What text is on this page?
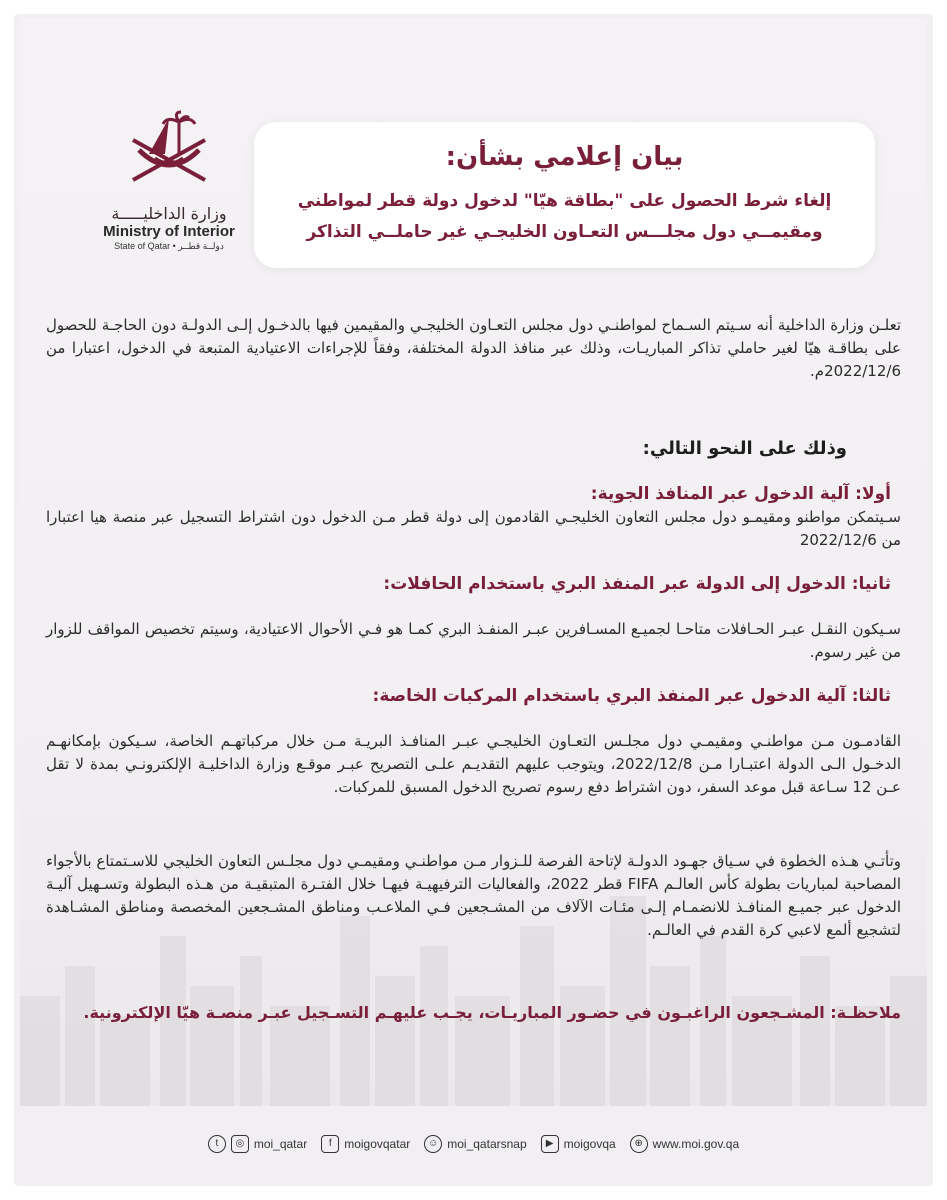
وزارة الداخليـــــة
Ministry of Interior
State of Qatar • دولــة قطــر
بيان إعلامي بشأن:
إلغاء شرط الحصول على "بطاقة هيّا" لدخول دولة قطر لمواطني
ومقيمــي دول مجلـــس التعـاون الخليجـي غير حاملــي التذاكر
تعلـن وزارة الداخلية أنه سـيتم السـماح لمواطنـي دول مجلس التعـاون الخليجـي والمقيمين فيها بالدخـول إلـى الدولـة دون الحاجـة للحصول على بطاقـة هيّا لغير حاملي تذاكر المباريـات، وذلك عبر منافذ الدولة المختلفة، وفقاً للإجراءات الاعتيادية المتبعة في الدخول، اعتبارا من 2022/12/6م.
وذلك على النحو التالي:
أولا: آلية الدخول عبر المنافذ الجوية:
سـيتمكن مواطنو ومقيمـو دول مجلس التعاون الخليجـي القادمون إلى دولة قطر مـن الدخول دون اشتراط التسجيل عبر منصة هيا اعتبارا من 2022/12/6
ثانيا: الدخول إلى الدولة عبر المنفذ البري باستخدام الحافلات:
سـيكون النقـل عبـر الحـافلات متاحـا لجميـع المسـافرين عبـر المنفـذ البري كمـا هو فـي الأحوال الاعتيادية، وسيتم تخصيص المواقف للزوار من غير رسوم.
ثالثا: آلية الدخول عبر المنفذ البري باستخدام المركبات الخاصة:
القادمـون مـن مواطنـي ومقيمـي دول مجلـس التعـاون الخليجـي عبـر المنافـذ البريـة مـن خلال مركباتهـم الخاصة، سـيكون بإمكانهـم الدخـول الـى الدولة اعتبـارا مـن 2022/12/8، ويتوجب عليهم التقديـم علـى التصريح عبـر موقـع وزارة الداخليـة الإلكترونـي بمدة لا تقل عـن 12 سـاعة قبل موعد السفر، دون اشتراط دفع رسوم تصريح الدخول المسبق للمركبات.
وتأتـي هـذه الخطوة في سـياق جهـود الدولـة لإتاحة الفرصة للـزوار مـن مواطنـي ومقيمـي دول مجلـس التعاون الخليجي للاسـتمتاع بالأجواء المصاحبة لمباريات بطولة كأس العالـم FIFA قطر 2022، والفعاليات الترفيهيـة فيهـا خلال الفتـرة المتبقيـة من هـذه البطولة وتسـهيل آليـة الدخول عبر جميـع المنافـذ للانضمـام إلـى مئـات الآلاف من المشـجعين فـي الملاعـب ومناطق المشـجعين المخصصة ومناطق المشـاهدة لتشجيع ألمع لاعبي كرة القدم في العالـم.
ملاحظـة: المشـجعون الراغبـون في حضـور المباريـات، يجـب عليهـم التسـجيل عبـر منصـة هيّا الإلكترونية.
t	◎ moi_qatar	f	moigovqatar	☺ moi_qatarsnap	▶ moigovqa	⊕ www.moi.gov.qa
